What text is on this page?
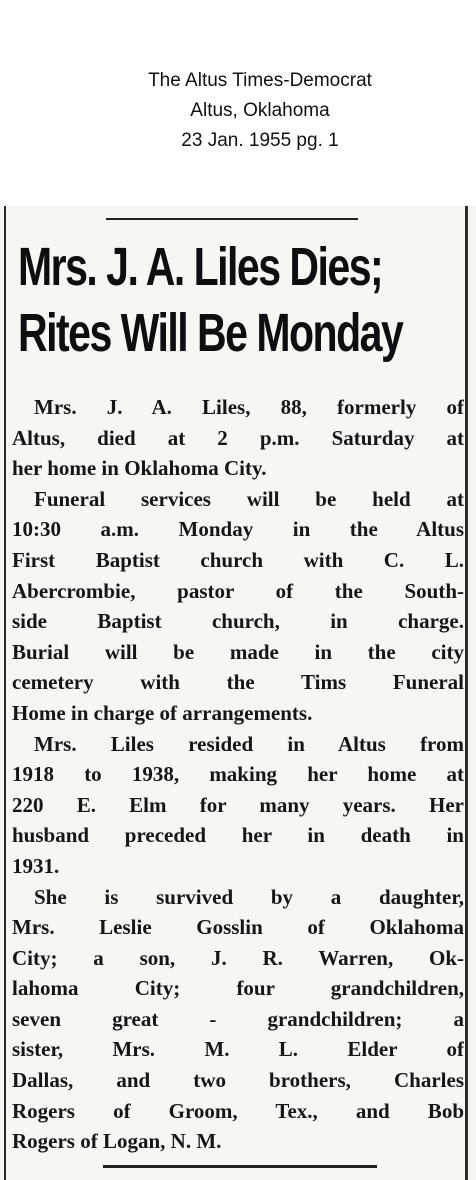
The Altus Times-Democrat
Altus, Oklahoma
23 Jan. 1955 pg. 1
Mrs. J. A. Liles Dies;
Rites Will Be Monday
Mrs. J. A. Liles, 88, formerly of
Altus, died at 2 p.m. Saturday at
her home in Oklahoma City.
Funeral services will be held at
10:30 a.m. Monday in the Altus
First Baptist church with C. L.
Abercrombie, pastor of the South-
side Baptist church, in charge.
Burial will be made in the city
cemetery with the Tims Funeral
Home in charge of arrangements.
Mrs. Liles resided in Altus from
1918 to 1938, making her home at
220 E. Elm for many years. Her
husband preceded her in death in
1931.
She is survived by a daughter,
Mrs. Leslie Gosslin of Oklahoma
City; a son, J. R. Warren, Ok-
lahoma City; four grandchildren,
seven great - grandchildren; a
sister, Mrs. M. L. Elder of
Dallas, and two brothers, Charles
Rogers of Groom, Tex., and Bob
Rogers of Logan, N. M.
